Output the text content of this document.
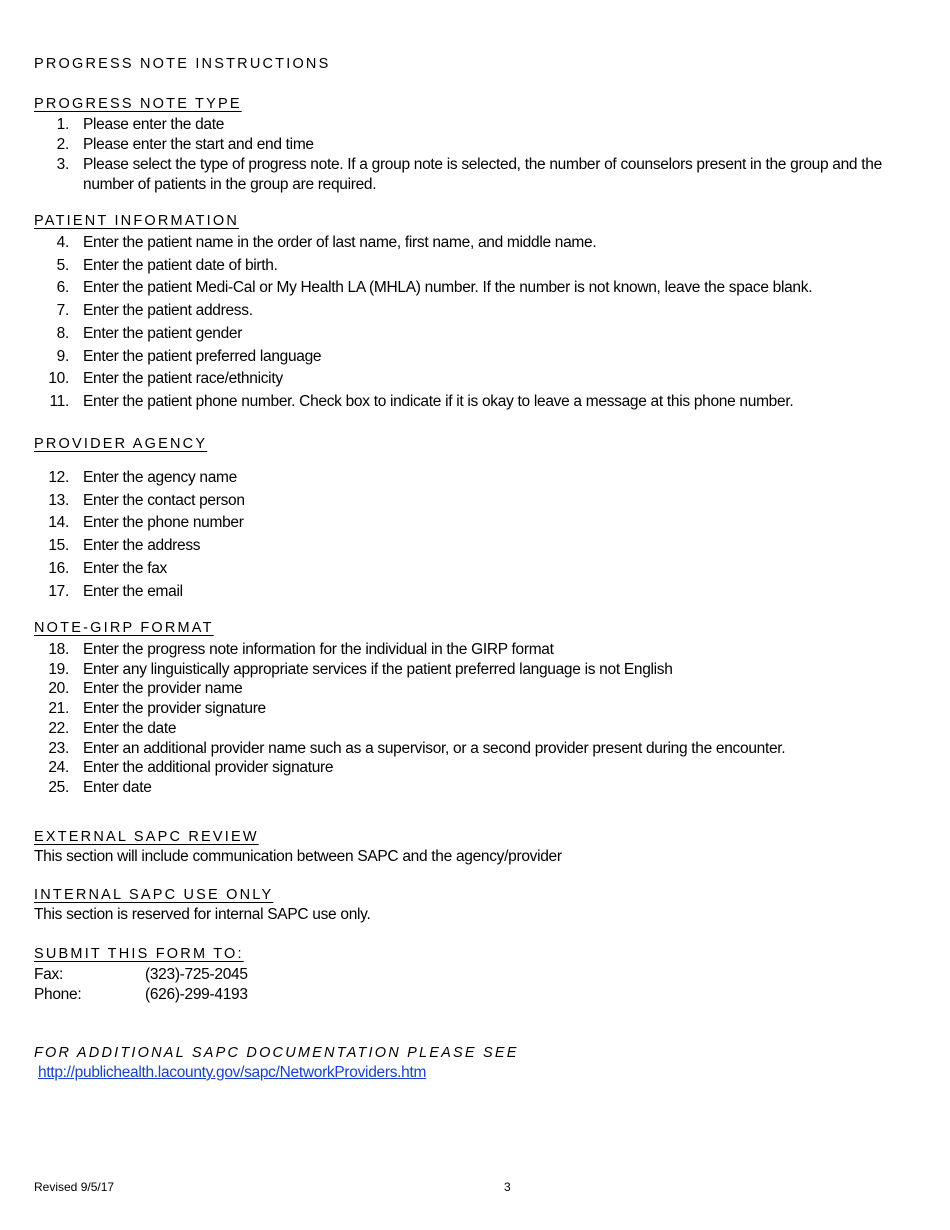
PROGRESS NOTE INSTRUCTIONS
PROGRESS NOTE TYPE
1. Please enter the date
2. Please enter the start and end time
3. Please select the type of progress note. If a group note is selected, the number of counselors present in the group and the number of patients in the group are required.
PATIENT INFORMATION
4. Enter the patient name in the order of last name, first name, and middle name.
5. Enter the patient date of birth.
6. Enter the patient Medi-Cal or My Health LA (MHLA) number. If the number is not known, leave the space blank.
7. Enter the patient address.
8. Enter the patient gender
9. Enter the patient preferred language
10. Enter the patient race/ethnicity
11. Enter the patient phone number. Check box to indicate if it is okay to leave a message at this phone number.
PROVIDER AGENCY
12. Enter the agency name
13. Enter the contact person
14. Enter the phone number
15. Enter the address
16. Enter the fax
17. Enter the email
NOTE-GIRP FORMAT
18. Enter the progress note information for the individual in the GIRP format
19. Enter any linguistically appropriate services if the patient preferred language is not English
20. Enter the provider name
21. Enter the provider signature
22. Enter the date
23. Enter an additional provider name such as a supervisor, or a second provider present during the encounter.
24. Enter the additional provider signature
25. Enter date
EXTERNAL SAPC REVIEW
This section will include communication between SAPC and the agency/provider
INTERNAL SAPC USE ONLY
This section is reserved for internal SAPC use only.
SUBMIT THIS FORM TO:
Fax:	(323)-725-2045
Phone:	(626)-299-4193
FOR ADDITIONAL SAPC DOCUMENTATION PLEASE SEE
http://publichealth.lacounty.gov/sapc/NetworkProviders.htm
Revised 9/5/17	3
